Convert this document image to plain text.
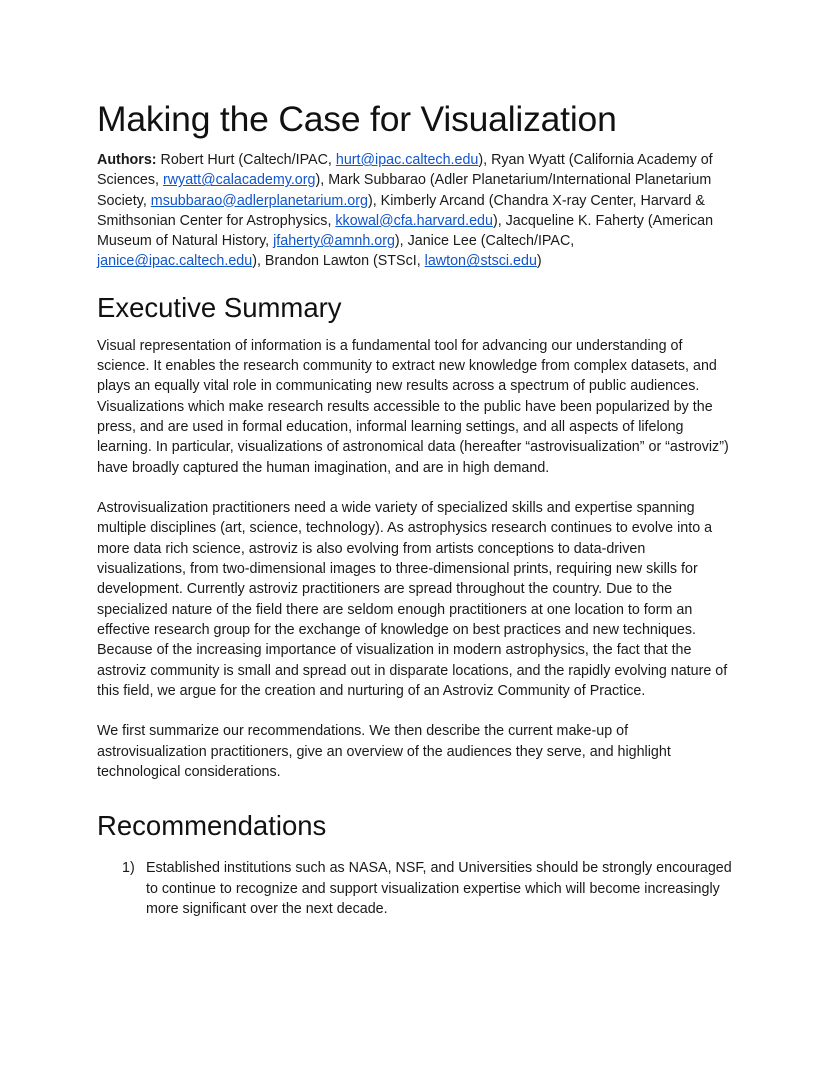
Making the Case for Visualization

Authors: Robert Hurt (Caltech/IPAC, hurt@ipac.caltech.edu), Ryan Wyatt (California Academy of Sciences, rwyatt@calacademy.org), Mark Subbarao (Adler Planetarium/International Planetarium Society, msubbarao@adlerplanetarium.org), Kimberly Arcand (Chandra X-ray Center, Harvard & Smithsonian Center for Astrophysics, kkowal@cfa.harvard.edu), Jacqueline K. Faherty (American Museum of Natural History, jfaherty@amnh.org), Janice Lee (Caltech/IPAC, janice@ipac.caltech.edu), Brandon Lawton (STScI, lawton@stsci.edu)

Executive Summary

Visual representation of information is a fundamental tool for advancing our understanding of science. It enables the research community to extract new knowledge from complex datasets, and plays an equally vital role in communicating new results across a spectrum of public audiences. Visualizations which make research results accessible to the public have been popularized by the press, and are used in formal education, informal learning settings, and all aspects of lifelong learning. In particular, visualizations of astronomical data (hereafter “astrovisualization” or “astroviz”) have broadly captured the human imagination, and are in high demand.

Astrovisualization practitioners need a wide variety of specialized skills and expertise spanning multiple disciplines (art, science, technology). As astrophysics research continues to evolve into a more data rich science, astroviz is also evolving from artists conceptions to data-driven visualizations, from two-dimensional images to three-dimensional prints, requiring new skills for development. Currently astroviz practitioners are spread throughout the country. Due to the specialized nature of the field there are seldom enough practitioners at one location to form an effective research group for the exchange of knowledge on best practices and new techniques. Because of the increasing importance of visualization in modern astrophysics, the fact that the astroviz community is small and spread out in disparate locations, and the rapidly evolving nature of this field, we argue for the creation and nurturing of an Astroviz Community of Practice.

We first summarize our recommendations. We then describe the current make-up of astrovisualization practitioners, give an overview of the audiences they serve, and highlight technological considerations.

Recommendations
1) Established institutions such as NASA, NSF, and Universities should be strongly encouraged to continue to recognize and support visualization expertise which will become increasingly more significant over the next decade.
